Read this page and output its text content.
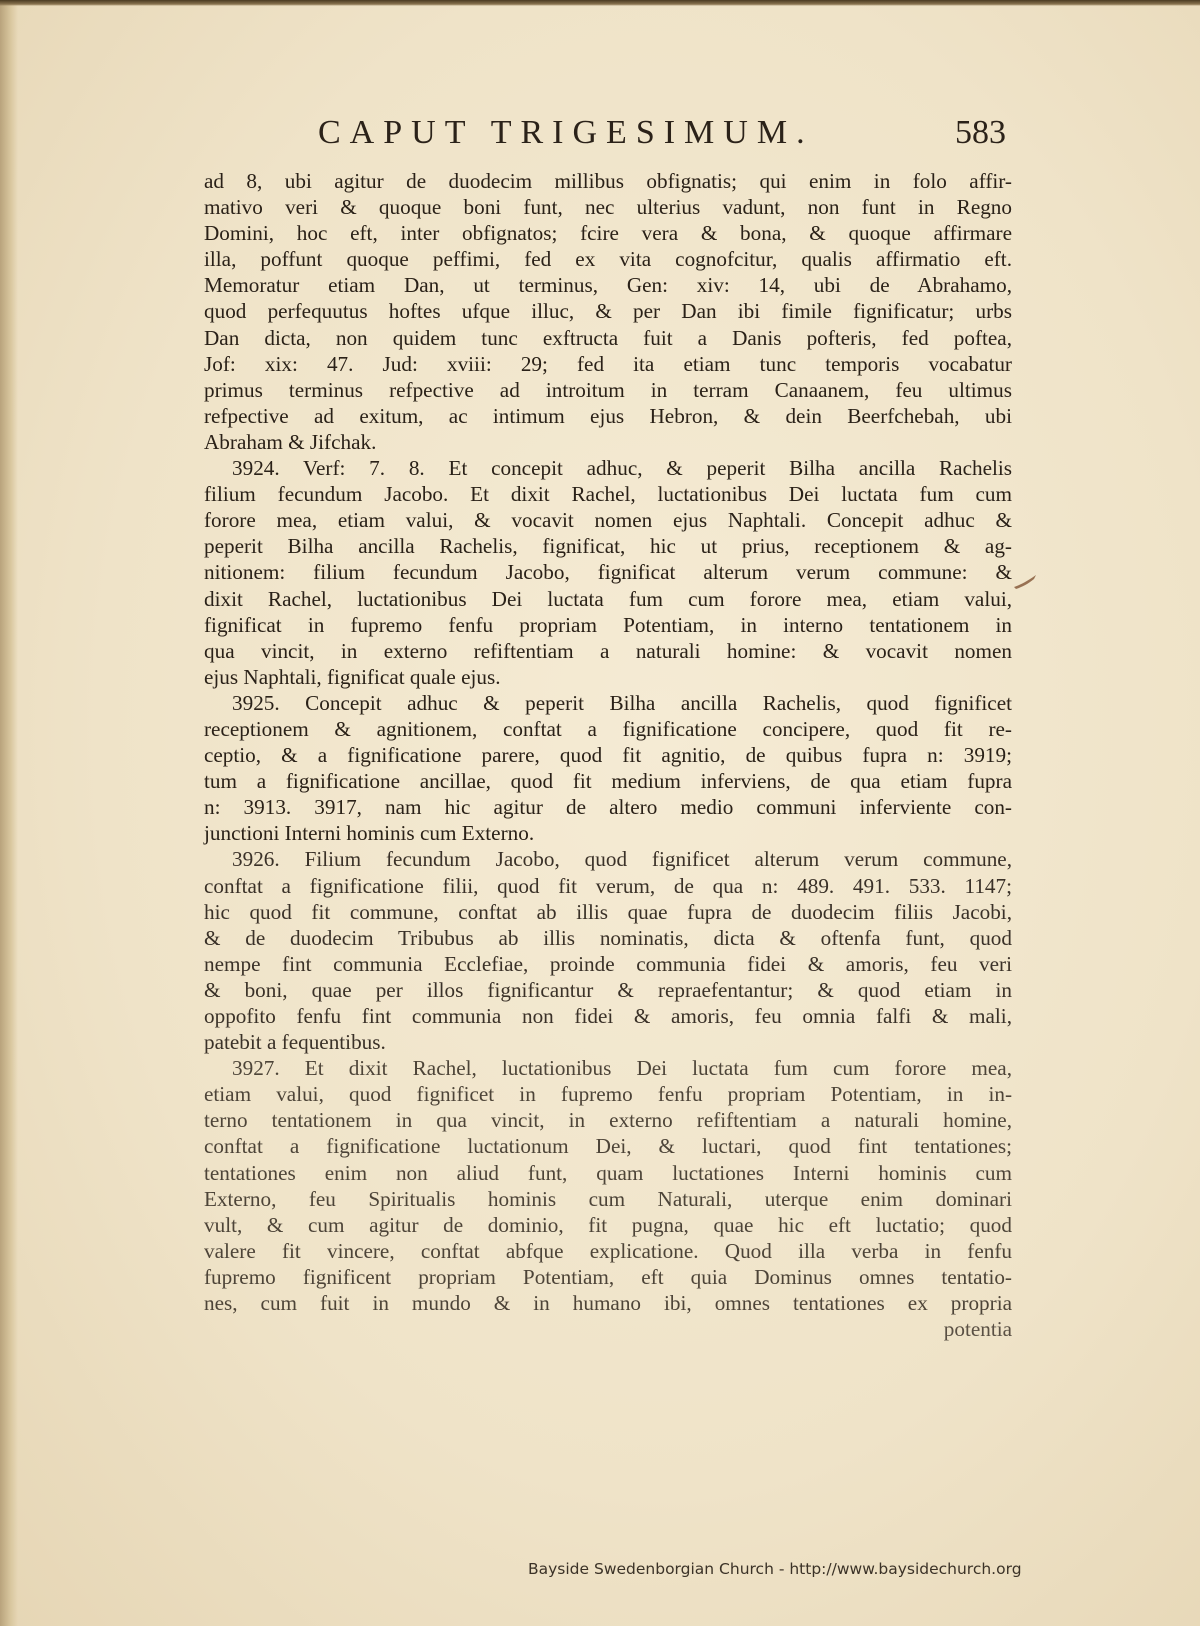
CAPUT TRIGESIMUM.	583

ad 8, ubi agitur de duodecim millibus obfignatis; qui enim in folo affir-

mativo veri & quoque boni funt, nec ulterius vadunt, non funt in Regno

Domini, hoc eft, inter obfignatos; fcire vera & bona, & quoque affirmare

illa, poffunt quoque peffimi, fed ex vita cognofcitur, qualis affirmatio eft.

Memoratur etiam Dan, ut terminus, Gen: xiv: 14, ubi de Abrahamo,

quod perfequutus hoftes ufque illuc, & per Dan ibi fimile fignificatur; urbs

Dan dicta, non quidem tunc exftructa fuit a Danis pofteris, fed poftea,

Jof: xix: 47. Jud: xviii: 29; fed ita etiam tunc temporis vocabatur

primus terminus refpective ad introitum in terram Canaanem, feu ultimus

refpective ad exitum, ac intimum ejus Hebron, & dein Beerfchebah, ubi

Abraham & Jifchak.

3924. Verf: 7. 8. Et concepit adhuc, & peperit Bilha ancilla Rachelis

filium fecundum Jacobo. Et dixit Rachel, luctationibus Dei luctata fum cum

forore mea, etiam valui, & vocavit nomen ejus Naphtali. Concepit adhuc &

peperit Bilha ancilla Rachelis, fignificat, hic ut prius, receptionem & ag-

nitionem: filium fecundum Jacobo, fignificat alterum verum commune: &

dixit Rachel, luctationibus Dei luctata fum cum forore mea, etiam valui,

fignificat in fupremo fenfu propriam Potentiam, in interno tentationem in

qua vincit, in externo refiftentiam a naturali homine: & vocavit nomen

ejus Naphtali, fignificat quale ejus.

3925. Concepit adhuc & peperit Bilha ancilla Rachelis, quod fignificet

receptionem & agnitionem, conftat a fignificatione concipere, quod fit re-

ceptio, & a fignificatione parere, quod fit agnitio, de quibus fupra n: 3919;

tum a fignificatione ancillae, quod fit medium inferviens, de qua etiam fupra

n: 3913. 3917, nam hic agitur de altero medio communi inferviente con-

junctioni Interni hominis cum Externo.

3926. Filium fecundum Jacobo, quod fignificet alterum verum commune,

conftat a fignificatione filii, quod fit verum, de qua n: 489. 491. 533. 1147;

hic quod fit commune, conftat ab illis quae fupra de duodecim filiis Jacobi,

& de duodecim Tribubus ab illis nominatis, dicta & oftenfa funt, quod

nempe fint communia Ecclefiae, proinde communia fidei & amoris, feu veri

& boni, quae per illos fignificantur & repraefentantur; & quod etiam in

oppofito fenfu fint communia non fidei & amoris, feu omnia falfi & mali,

patebit a fequentibus.

3927. Et dixit Rachel, luctationibus Dei luctata fum cum forore mea,

etiam valui, quod fignificet in fupremo fenfu propriam Potentiam, in in-

terno tentationem in qua vincit, in externo refiftentiam a naturali homine,

conftat a fignificatione luctationum Dei, & luctari, quod fint tentationes;

tentationes enim non aliud funt, quam luctationes Interni hominis cum

Externo, feu Spiritualis hominis cum Naturali, uterque enim dominari

vult, & cum agitur de dominio, fit pugna, quae hic eft luctatio; quod

valere fit vincere, conftat abfque explicatione. Quod illa verba in fenfu

fupremo fignificent propriam Potentiam, eft quia Dominus omnes tentatio-

nes, cum fuit in mundo & in humano ibi, omnes tentationes ex propria

potentia

Bayside Swedenborgian Church - http://www.baysidechurch.org
